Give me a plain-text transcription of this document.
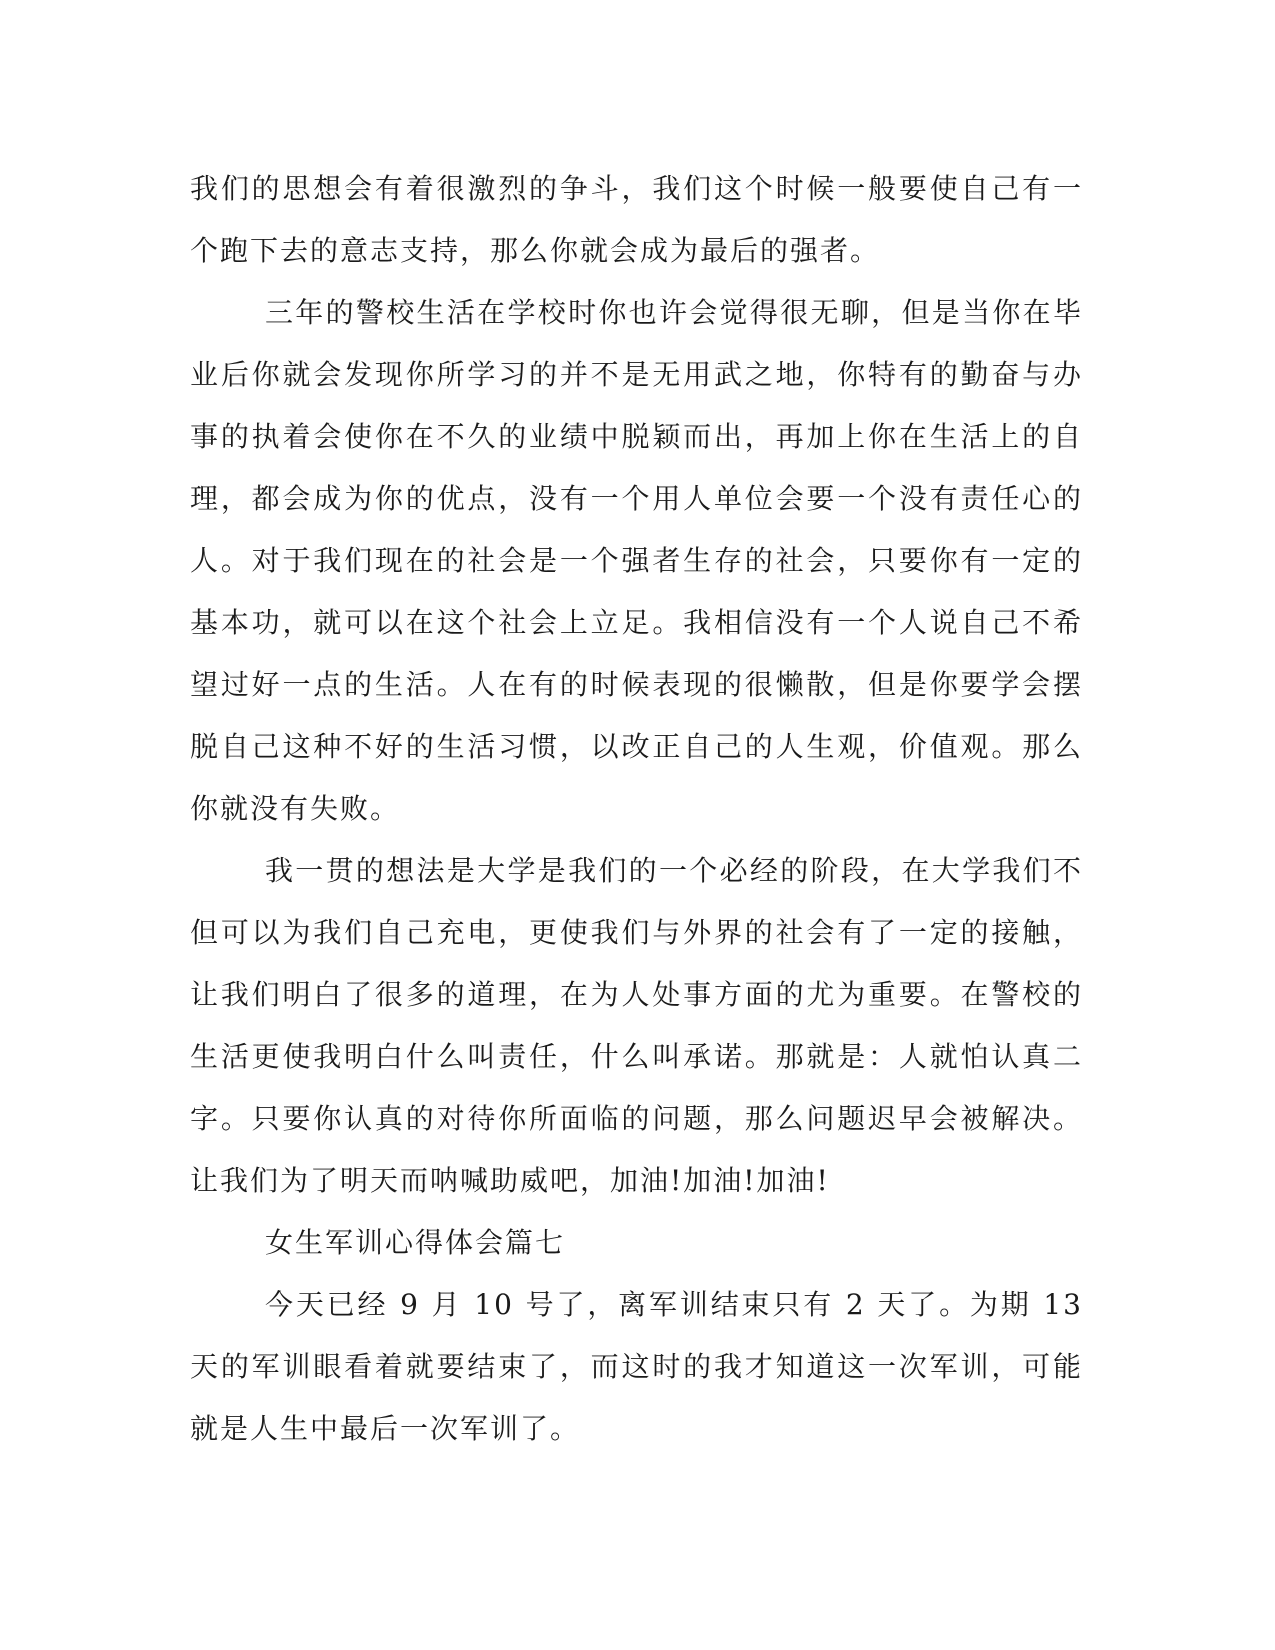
我们的思想会有着很激烈的争斗，我们这个时候一般要使自己有一个跑下去的意志支持，那么你就会成为最后的强者。

三年的警校生活在学校时你也许会觉得很无聊，但是当你在毕业后你就会发现你所学习的并不是无用武之地，你特有的勤奋与办事的执着会使你在不久的业绩中脱颖而出，再加上你在生活上的自理，都会成为你的优点，没有一个用人单位会要一个没有责任心的人。对于我们现在的社会是一个强者生存的社会，只要你有一定的基本功，就可以在这个社会上立足。我相信没有一个人说自己不希望过好一点的生活。人在有的时候表现的很懒散，但是你要学会摆脱自己这种不好的生活习惯，以改正自己的人生观，价值观。那么你就没有失败。

我一贯的想法是大学是我们的一个必经的阶段，在大学我们不但可以为我们自己充电，更使我们与外界的社会有了一定的接触，让我们明白了很多的道理，在为人处事方面的尤为重要。在警校的生活更使我明白什么叫责任，什么叫承诺。那就是：人就怕认真二字。只要你认真的对待你所面临的问题，那么问题迟早会被解决。让我们为了明天而呐喊助威吧，加油!加油!加油!

女生军训心得体会篇七

今天已经 9 月 10 号了，离军训结束只有 2 天了。为期 13 天的军训眼看着就要结束了，而这时的我才知道这一次军训，可能就是人生中最后一次军训了。
